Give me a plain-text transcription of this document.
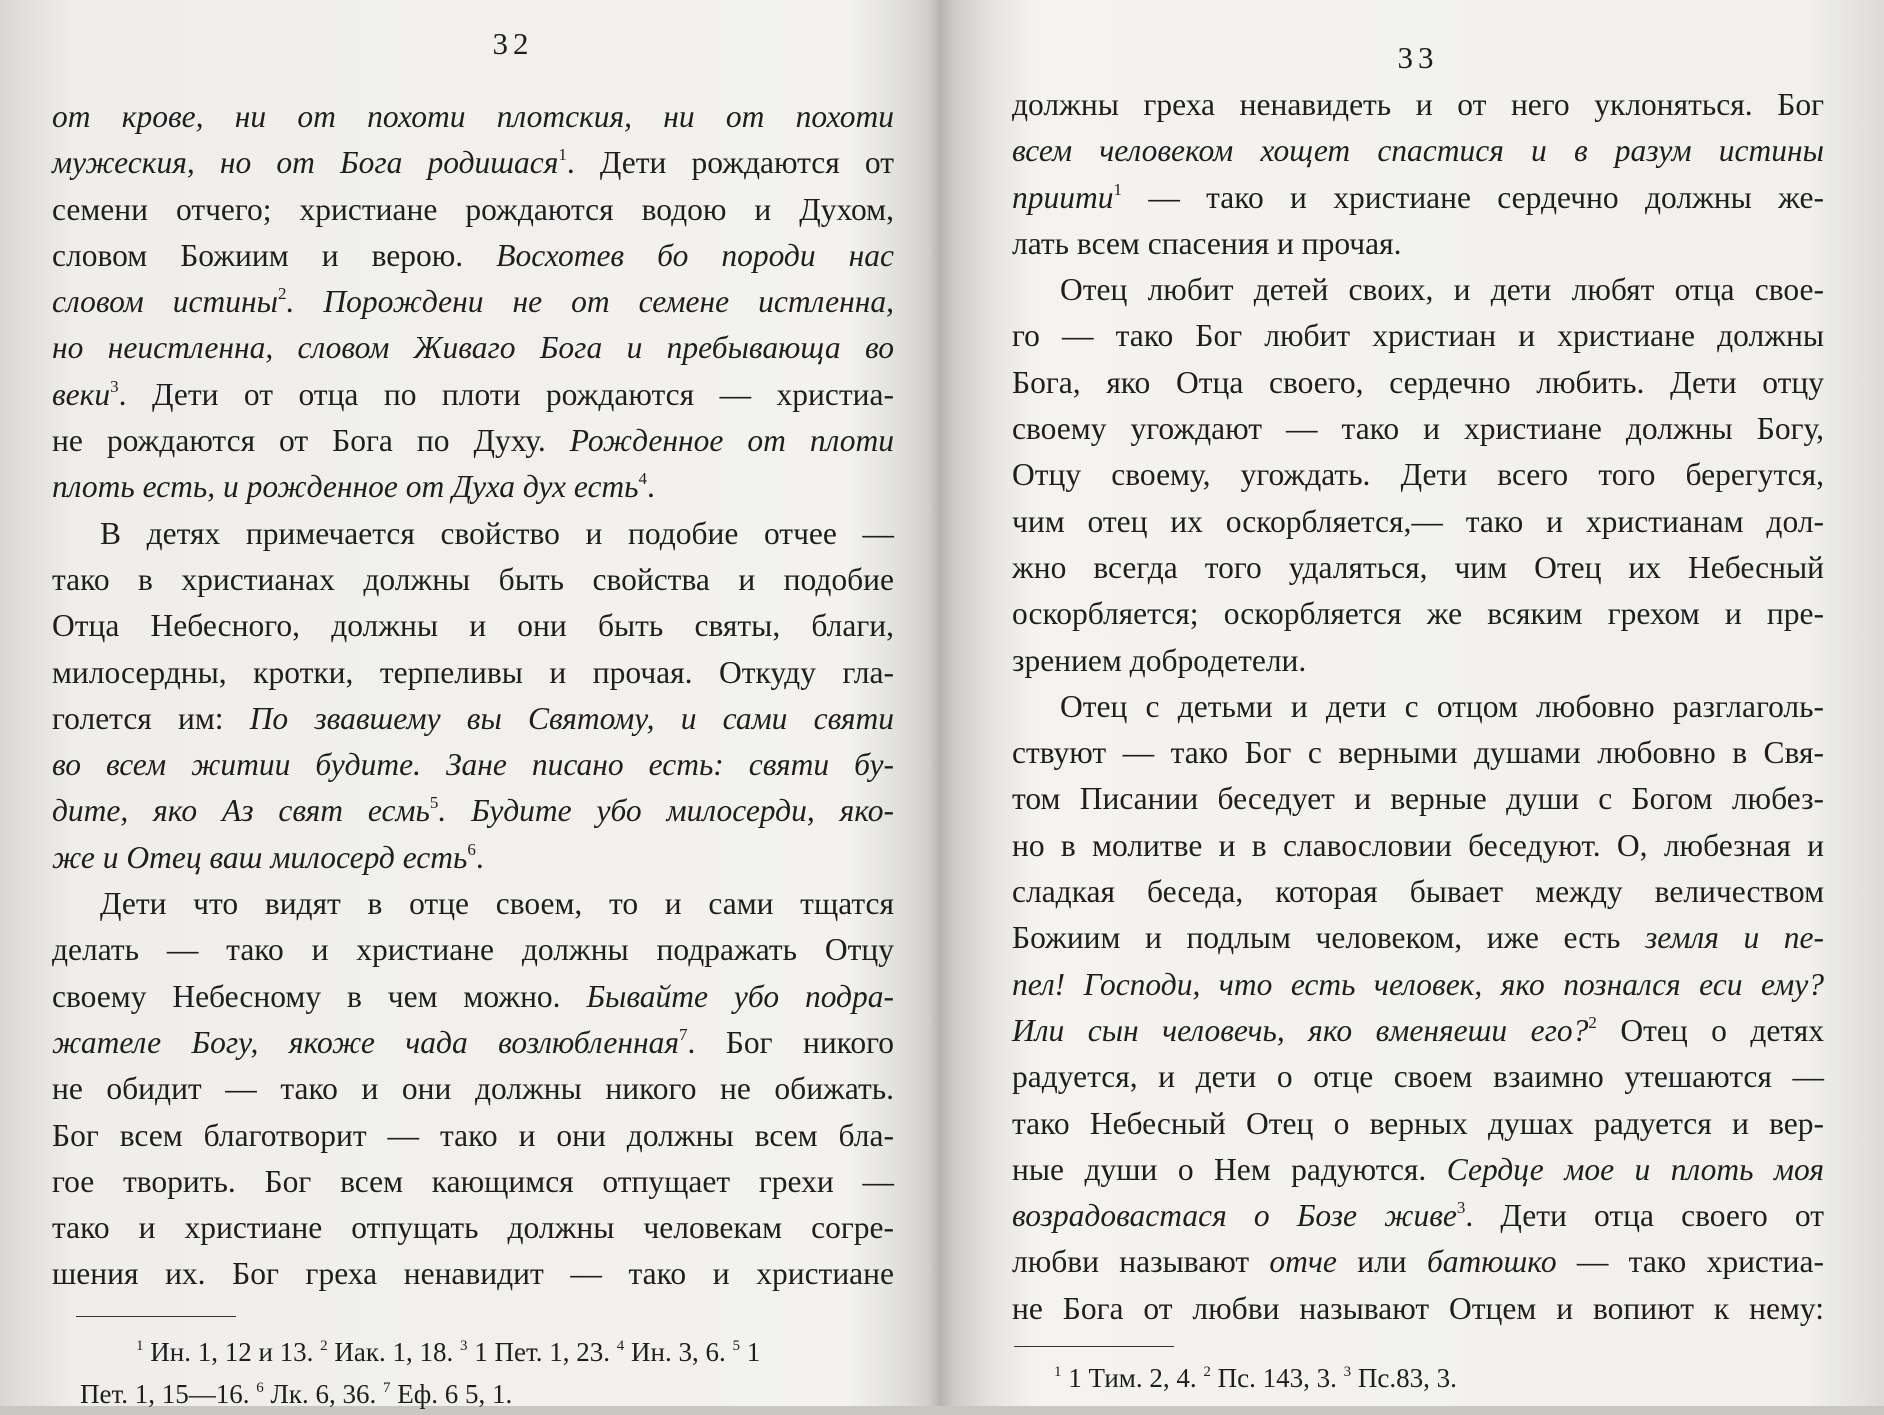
32
от крове, ни от похоти плотския, ни от похоти
мужеския, но от Бога родишася$^1$. Дети рождаются от
семени отчего; христиане рождаются водою и Духом,
словом Божиим и верою. Восхотев бо породи нас
словом истины$^2$. Порождени не от семене истленна,
но неистленна, словом Живаго Бога и пребывающа во
веки$^3$. Дети от отца по плоти рождаются — христиа-
не рождаются от Бога по Духу. Рожденное от плоти
плоть есть, и рожденное от Духа дух есть$^4$.
В детях примечается свойство и подобие отчее —
тако в христианах должны быть свойства и подобие
Отца Небесного, должны и они быть святы, благи,
милосердны, кротки, терпеливы и прочая. Откуду гла-
голется им: По звавшему вы Святому, и сами святи
во всем житии будите. Зане писано есть: святи бу-
дите, яко Аз свят есмь$^5$. Будите убо милосерди, яко-
же и Отец ваш милосерд есть$^6$.
Дети что видят в отце своем, то и сами тщатся
делать — тако и христиане должны подражать Отцу
своему Небесному в чем можно. Бывайте убо подра-
жателе Богу, якоже чада возлюбленная$^7$. Бог никого
не обидит — тако и они должны никого не обижать.
Бог всем благотворит — тако и они должны всем бла-
гое творить. Бог всем кающимся отпущает грехи —
тако и христиане отпущать должны человекам согре-
шения их. Бог греха ненавидит — тако и христиане
$^1$ Ин. 1, 12 и 13. $^2$ Иак. 1, 18. $^3$ 1 Пет. 1, 23. $^4$ Ин. 3, 6. $^5$ 1
Пет. 1, 15—16. $^6$ Лк. 6, 36. $^7$ Еф. 6 5, 1.
33
должны греха ненавидеть и от него уклоняться. Бог
всем человеком хощет спастися и в разум истины
приити$^1$ — тако и христиане сердечно должны же-
лать всем спасения и прочая.
Отец любит детей своих, и дети любят отца свое-
го — тако Бог любит христиан и христиане должны
Бога, яко Отца своего, сердечно любить. Дети отцу
своему угождают — тако и христиане должны Богу,
Отцу своему, угождать. Дети всего того берегутся,
чим отец их оскорбляется,— тако и христианам дол-
жно всегда того удаляться, чим Отец их Небесный
оскорбляется; оскорбляется же всяким грехом и пре-
зрением добродетели.
Отец с детьми и дети с отцом любовно разглаголь-
ствуют — тако Бог с верными душами любовно в Свя-
том Писании беседует и верные души с Богом любез-
но в молитве и в славословии беседуют. О, любезная и
сладкая беседа, которая бывает между величеством
Божиим и подлым человеком, иже есть земля и пе-
пел! Господи, что есть человек, яко познался еси ему?
Или сын человечь, яко вменяеши его?$^2$ Отец о детях
радуется, и дети о отце своем взаимно утешаются —
тако Небесный Отец о верных душах радуется и вер-
ные души о Нем радуются. Сердце мое и плоть моя
возрадовастася о Бозе живе$^3$. Дети отца своего от
любви называют отче или батюшко — тако христиа-
не Бога от любви называют Отцем и вопиют к нему:
$^1$ 1 Тим. 2, 4. $^2$ Пс. 143, 3. $^3$ Пс.83, 3.
